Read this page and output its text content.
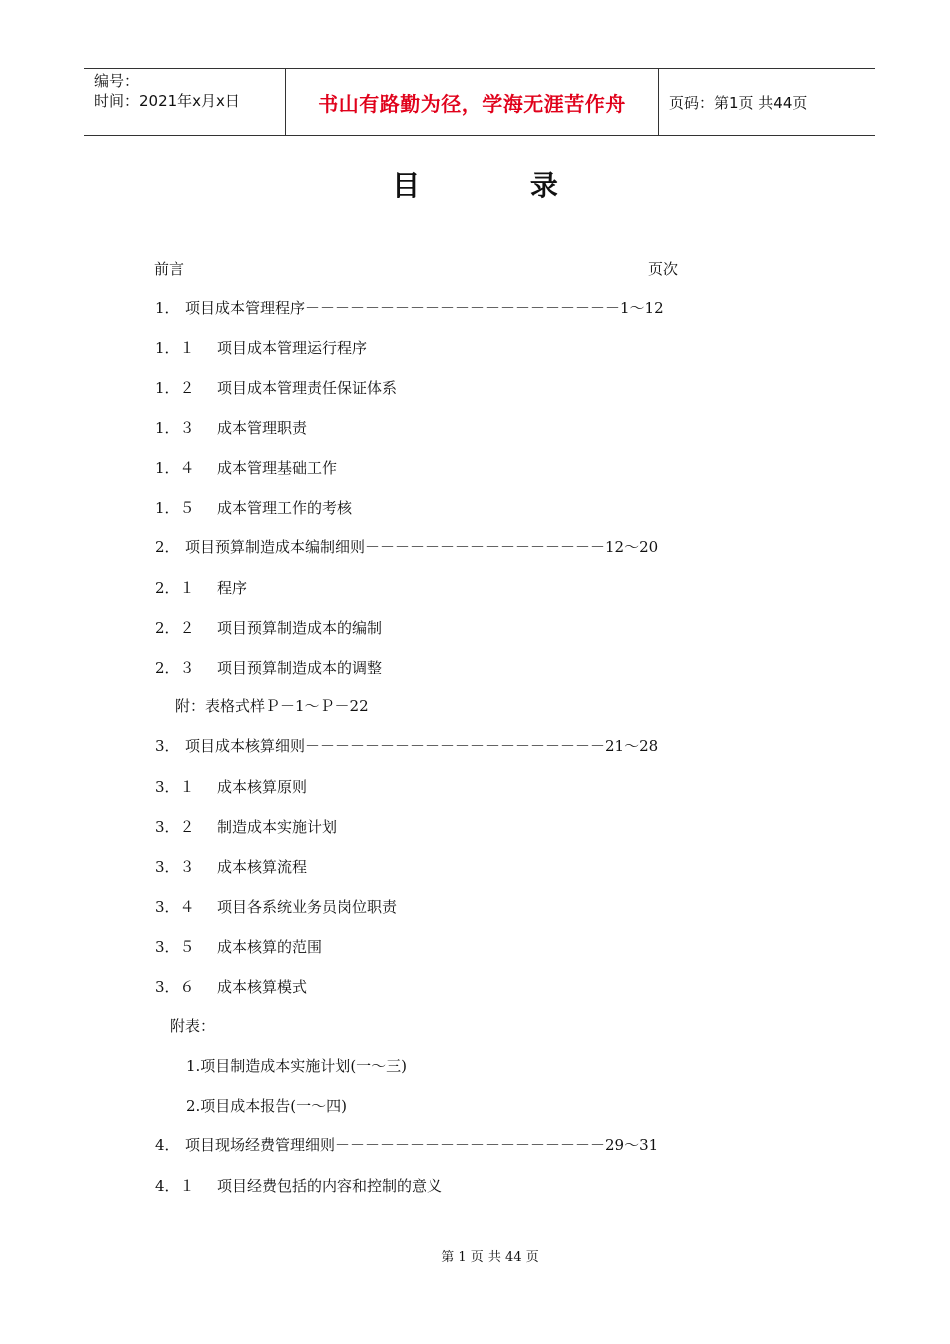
编号：
时间：2021年x月x日	书山有路勤为径，学海无涯苦作舟	页码：第1页 共44页
目	录
前言	页次
1． 项目成本管理程序－－－－－－－－－－－－－－－－－－－－－1～12
1．１ 项目成本管理运行程序
1．２ 项目成本管理责任保证体系
1．３ 成本管理职责
1．４ 成本管理基础工作
1．５ 成本管理工作的考核
2． 项目预算制造成本编制细则－－－－－－－－－－－－－－－－12～20
2．１ 程序
2．２ 项目预算制造成本的编制
2．３ 项目预算制造成本的调整
附：表格式样Ｐ－1～Ｐ－22
3． 项目成本核算细则－－－－－－－－－－－－－－－－－－－－21～28
3．１ 成本核算原则
3．２ 制造成本实施计划
3．３ 成本核算流程
3．４ 项目各系统业务员岗位职责
3．５ 成本核算的范围
3．６ 成本核算模式
附表：
1.项目制造成本实施计划(一～三)
2.项目成本报告(一～四)
4． 项目现场经费管理细则－－－－－－－－－－－－－－－－－－29～31
4．１ 项目经费包括的内容和控制的意义
第 1 页 共 44 页
